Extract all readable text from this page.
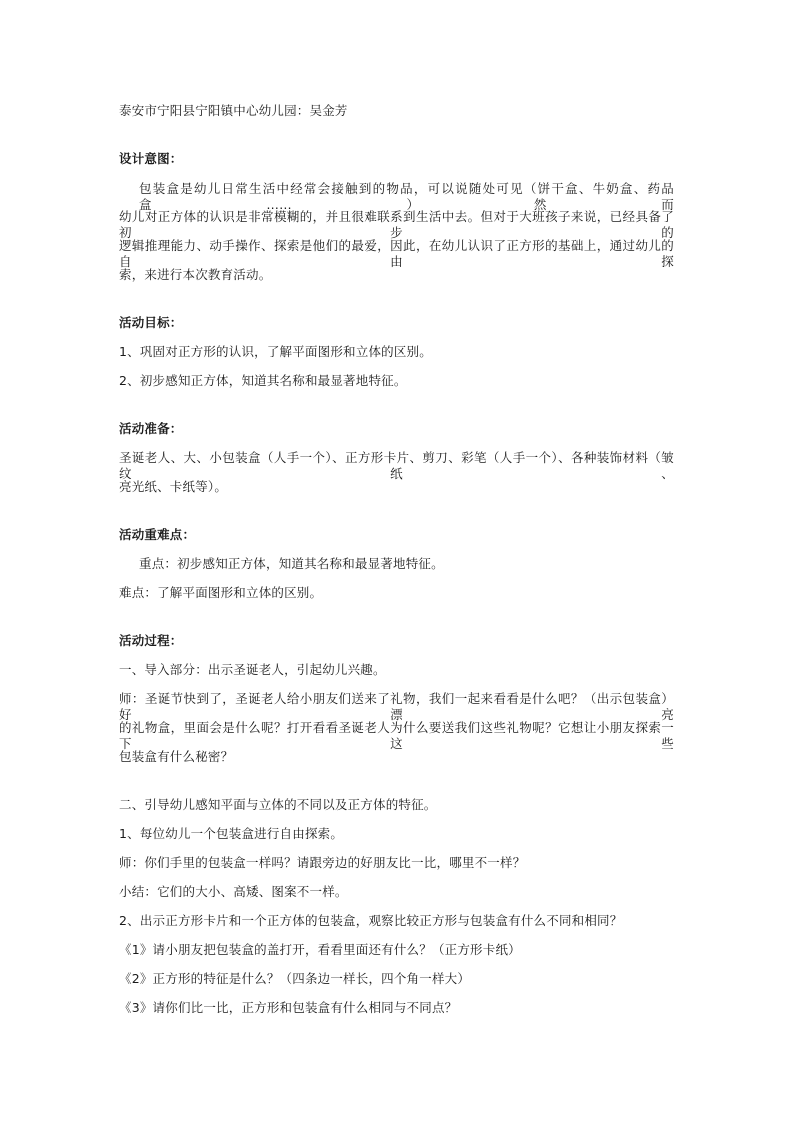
泰安市宁阳县宁阳镇中心幼儿园：吴金芳
设计意图：
包装盒是幼儿日常生活中经常会接触到的物品，可以说随处可见（饼干盒、牛奶盒、药品盒……）然而
幼儿对正方体的认识是非常模糊的，并且很难联系到生活中去。但对于大班孩子来说，已经具备了初步的
逻辑推理能力、动手操作、探索是他们的最爱，因此，在幼儿认识了正方形的基础上，通过幼儿的自由探
索，来进行本次教育活动。
活动目标：
1、巩固对正方形的认识，了解平面图形和立体的区别。
2、初步感知正方体，知道其名称和最显著地特征。
活动准备：
圣诞老人、大、小包装盒（人手一个）、正方形卡片、剪刀、彩笔（人手一个）、各种装饰材料（皱纹纸、
亮光纸、卡纸等）。
活动重难点：
重点：初步感知正方体，知道其名称和最显著地特征。
难点：了解平面图形和立体的区别。
活动过程：
一、导入部分：出示圣诞老人，引起幼儿兴趣。
师：圣诞节快到了，圣诞老人给小朋友们送来了礼物，我们一起来看看是什么吧？（出示包装盒）好漂亮
的礼物盒，里面会是什么呢？打开看看圣诞老人为什么要送我们这些礼物呢？它想让小朋友探索一下这些
包装盒有什么秘密？
二、引导幼儿感知平面与立体的不同以及正方体的特征。
1、每位幼儿一个包装盒进行自由探索。
师：你们手里的包装盒一样吗？请跟旁边的好朋友比一比，哪里不一样？
小结：它们的大小、高矮、图案不一样。
2、出示正方形卡片和一个正方体的包装盒，观察比较正方形与包装盒有什么不同和相同？
《1》请小朋友把包装盒的盖打开，看看里面还有什么？（正方形卡纸）
《2》正方形的特征是什么？（四条边一样长，四个角一样大）
《3》请你们比一比，正方形和包装盒有什么相同与不同点？
